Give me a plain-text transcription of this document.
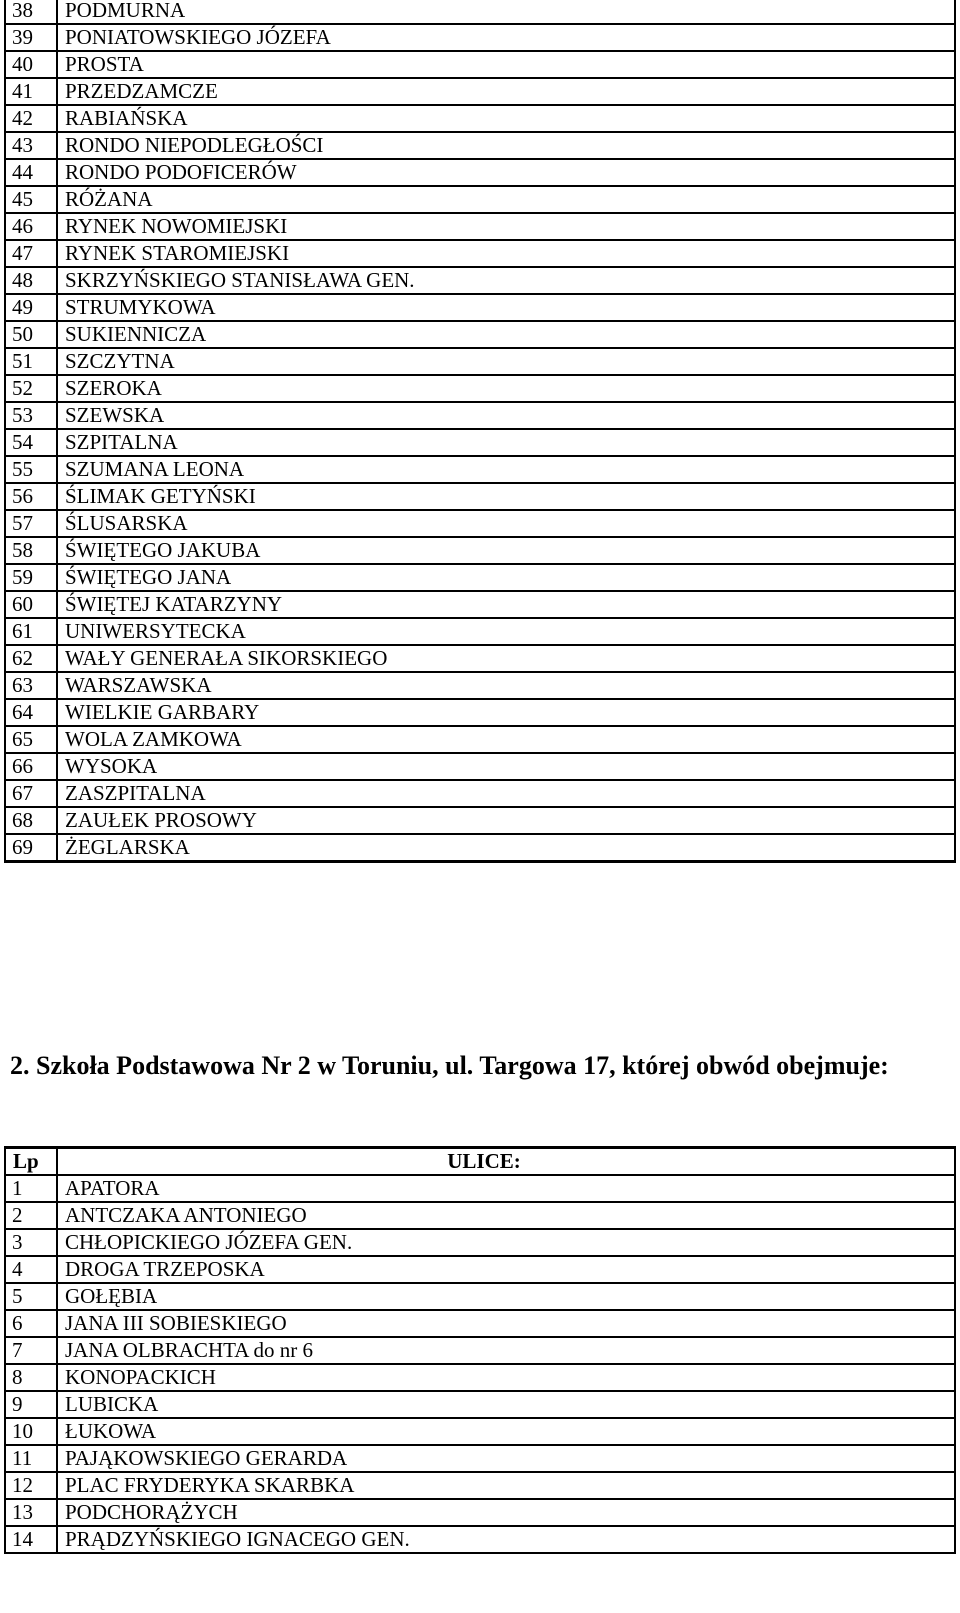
38	PODMURNA
39	PONIATOWSKIEGO JÓZEFA
40	PROSTA
41	PRZEDZAMCZE
42	RABIAŃSKA
43	RONDO NIEPODLEGŁOŚCI
44	RONDO PODOFICERÓW
45	RÓŻANA
46	RYNEK NOWOMIEJSKI
47	RYNEK STAROMIEJSKI
48	SKRZYŃSKIEGO STANISŁAWA GEN.
49	STRUMYKOWA
50	SUKIENNICZA
51	SZCZYTNA
52	SZEROKA
53	SZEWSKA
54	SZPITALNA
55	SZUMANA LEONA
56	ŚLIMAK GETYŃSKI
57	ŚLUSARSKA
58	ŚWIĘTEGO JAKUBA
59	ŚWIĘTEGO JANA
60	ŚWIĘTEJ KATARZYNY
61	UNIWERSYTECKA
62	WAŁY GENERAŁA SIKORSKIEGO
63	WARSZAWSKA
64	WIELKIE GARBARY
65	WOLA ZAMKOWA
66	WYSOKA
67	ZASZPITALNA
68	ZAUŁEK PROSOWY
69	ŻEGLARSKA
2. Szkoła Podstawowa Nr 2 w Toruniu, ul. Targowa 17, której obwód obejmuje:
Lp	ULICE:
1	APATORA
2	ANTCZAKA ANTONIEGO
3	CHŁOPICKIEGO JÓZEFA GEN.
4	DROGA TRZEPOSKA
5	GOŁĘBIA
6	JANA III SOBIESKIEGO
7	JANA OLBRACHTA do nr 6
8	KONOPACKICH
9	LUBICKA
10	ŁUKOWA
11	PAJĄKOWSKIEGO GERARDA
12	PLAC FRYDERYKA SKARBKA
13	PODCHORĄŻYCH
14	PRĄDZYŃSKIEGO IGNACEGO GEN.
